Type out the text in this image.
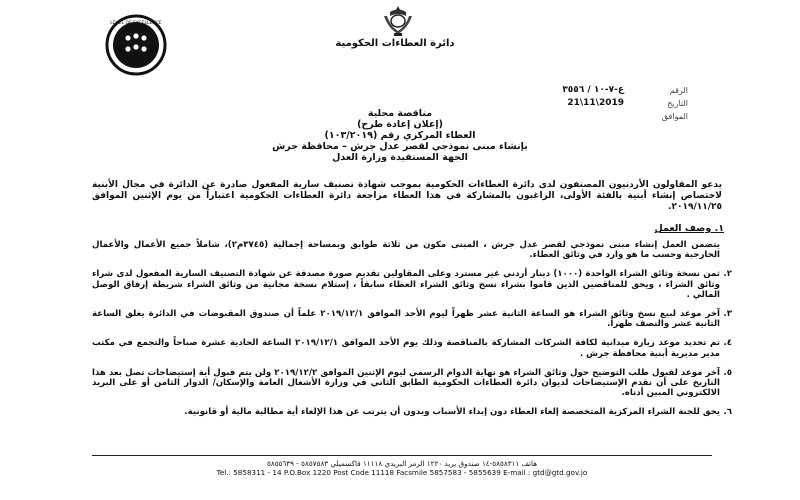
LEVEL OF EXCELLENCE
دائرة العطاءات الحكومية
الرقم
ع-٧-١٠ / ٣٥٥٦
التاريخ
21\11\2019
الموافق
مناقصة محلية
(إعلان إعادة طرح)
العطاء المركزي رقم (١٠٣/٢٠١٩)
بإنشاء مبنى نموذجي لقصر عدل جرش – محافظة جرش
الجهة المستفيدة وزارة العدل
يدعو المقاولون الأردنيون المصنفون لدى دائرة العطاءات الحكومية بموجب شهادة تصنيف سارية المفعول صادرة عن الدائرة في مجال الأبنية لاختصاص إنشاء أبنية بالفئة الأولى، الراغبون بالمشاركة في هذا العطاء مراجعة دائرة العطاءات الحكومية اعتباراً من يوم الإثنين الموافق ٢٠١٩/١١/٢٥.
١. وصف العمل
يتضمن العمل إنشاء مبنى نموذجي لقصر عدل جرش ، المبنى مكون من ثلاثة طوابق وبمساحة إجمالية (٣٧٤٥م٢)، شاملاً جميع الأعمال والأعمال الخارجية وحسب ما هو وارد في وثائق العطاء.
٢.
ثمن نسخة وثائق الشراء الواحدة (١٠٠٠) دينار أردني غير مسترد وعلى المقاولين تقديم صورة مصدقة عن شهادة التصنيف السارية المفعول لدى شراء وثائق الشراء ، ويحق للمناقصين الذين قاموا بشراء نسخ وثائق الشراء العطاء سابقاً ، إستلام نسخة مجانية من وثائق الشراء شريطة إرفاق الوصل المالي .
٣.
آخر موعد لبيع نسخ وثائق الشراء هو الساعة الثانية عشر ظهراً ليوم الأحد الموافق ٢٠١٩/١٢/١ علماً أن صندوق المقبوضات في الدائرة يغلق الساعة الثانية عشر والنصف ظهراً.
٤.
تم تحديد موعد زيارة ميدانية لكافة الشركات المشاركة بالمناقصة وذلك يوم الأحد الموافق ٢٠١٩/١٢/١ الساعة الحادية عشرة صباحاً والتجمع في مكتب مدير مديرية أبنية محافظة جرش .
٥.
آخر موعد لقبول طلب التوضيح حول وثائق الشراء هو نهاية الدوام الرسمي ليوم الإثنين الموافق ٢٠١٩/١٢/٢ ولن يتم قبول أية إستيضاحات تصل بعد هذا التاريخ على أن تقدم الإستيضاحات لديوان دائرة العطاءات الحكومية الطابق الثاني في وزارة الأشغال العامة والإسكان/ الدوار الثامن أو على البريد الالكتروني المبين أدناه.
٦.
يحق للجنة الشراء المركزية المتخصصة إلغاء العطاء دون إبداء الأسباب وبدون أن يترتب عن هذا الإلغاء أية مطالبة مالية أو قانونية.
هاتف ٥٨٥٨٣١١-١٤ صندوق بريد ١٢٢٠ الرمز البريدي ١١١١٨ فاكسميلي ٥٨٥٧٥٨٣ - ٥٨٥٥٦٣٩
Tel.: 5858311 - 14 P.O.Box 1220 Post Code 11118 Facsmile 5857583 - 5855639 E-mail : gtd@gtd.gov.jo
